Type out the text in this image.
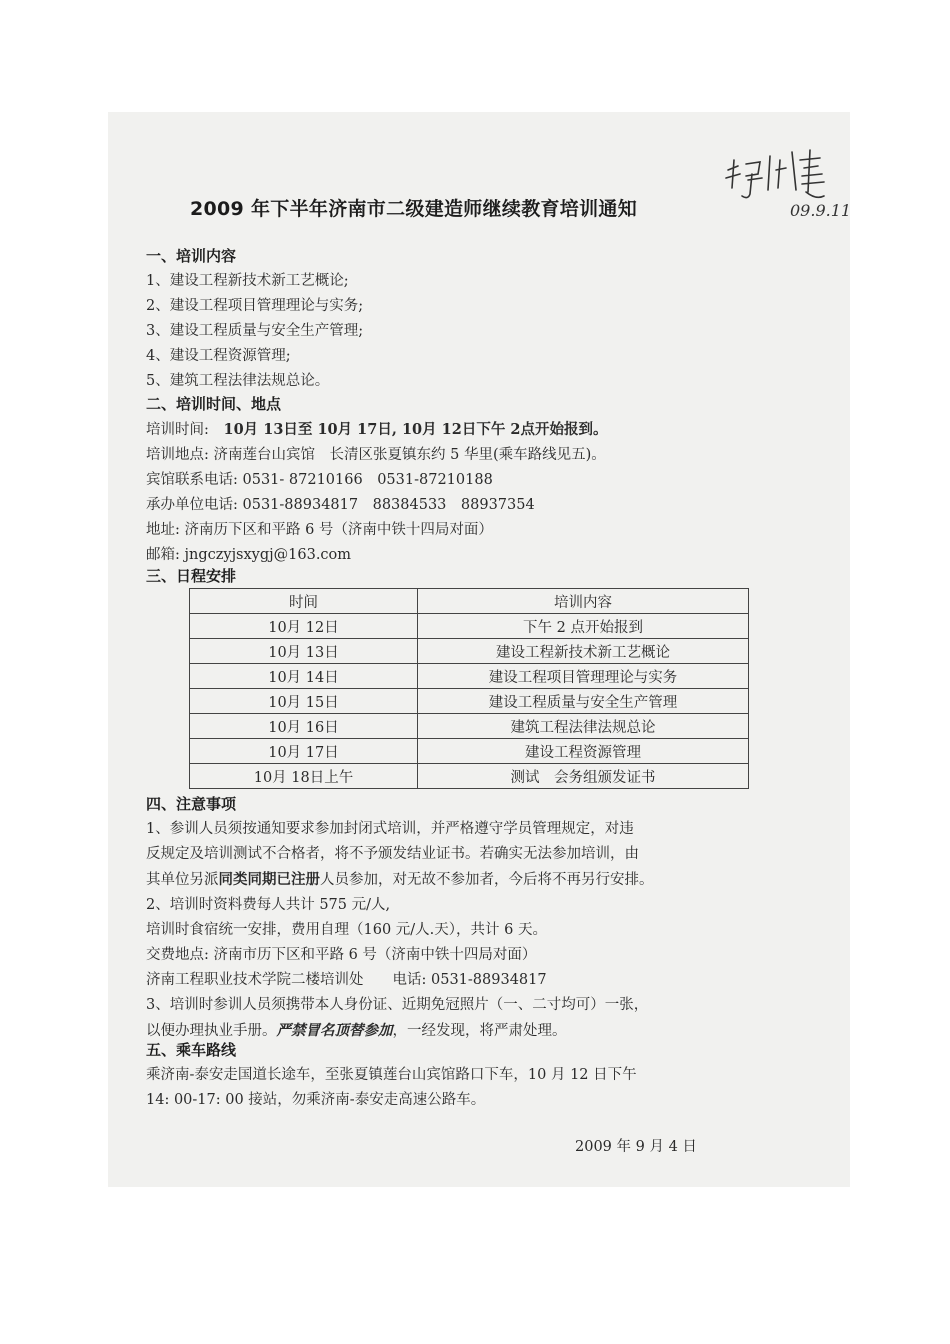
09.9.11
2009 年下半年济南市二级建造师继续教育培训通知
一、培训内容
1、建设工程新技术新工艺概论;
2、建设工程项目管理理论与实务;
3、建设工程质量与安全生产管理;
4、建设工程资源管理;
5、建筑工程法律法规总论。
二、培训时间、地点
培训时间: 10月 13日至 10月 17日, 10月 12日下午 2点开始报到。
培训地点: 济南莲台山宾馆　长清区张夏镇东约 5 华里(乘车路线见五)。
宾馆联系电话: 0531- 87210166　0531-87210188
承办单位电话: 0531-88934817　88384533　88937354
地址: 济南历下区和平路 6 号（济南中铁十四局对面）
邮箱: jngczyjsxygj@163.com
三、日程安排
时间	培训内容
10月 12日	下午 2 点开始报到
10月 13日	建设工程新技术新工艺概论
10月 14日	建设工程项目管理理论与实务
10月 15日	建设工程质量与安全生产管理
10月 16日	建筑工程法律法规总论
10月 17日	建设工程资源管理
10月 18日上午	测试　会务组颁发证书
四、注意事项
1、参训人员须按通知要求参加封闭式培训，并严格遵守学员管理规定，对违
反规定及培训测试不合格者，将不予颁发结业证书。若确实无法参加培训，由
其单位另派同类同期已注册人员参加，对无故不参加者，今后将不再另行安排。
2、培训时资料费每人共计 575 元/人,
培训时食宿统一安排，费用自理（160 元/人.天），共计 6 天。
交费地点: 济南市历下区和平路 6 号（济南中铁十四局对面）
济南工程职业技术学院二楼培训处　　电话: 0531-88934817
3、培训时参训人员须携带本人身份证、近期免冠照片（一、二寸均可）一张，
以便办理执业手册。严禁冒名顶替参加，一经发现，将严肃处理。
五、乘车路线
乘济南-泰安走国道长途车，至张夏镇莲台山宾馆路口下车，10 月 12 日下午
14: 00-17: 00 接站，勿乘济南-泰安走高速公路车。
2009 年 9 月 4 日
